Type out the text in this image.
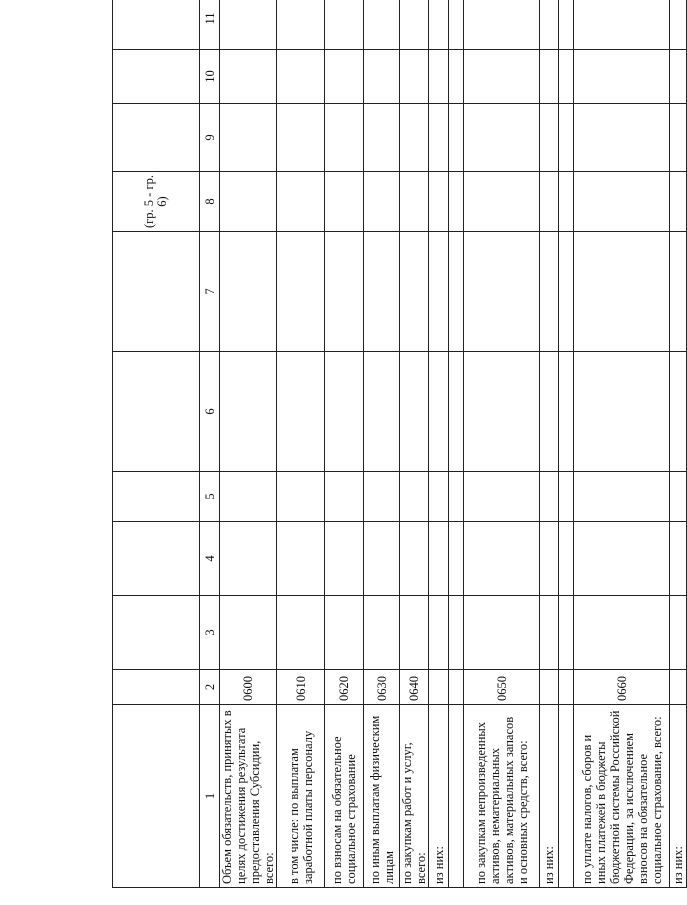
							(гр. 5 - гр. 6)			

1	2	3	4	5	6	7	8	9	10	11
Объем обязательств, принятых в целях достижения результата предоставления Субсидии, всего:	0600									
в том числе: по выплатам заработной платы персоналу	0610									
по взносам на обязательное социальное страхование	0620									
по иным выплатам физическим лицам	0630									
по закупкам работ и услуг, всего:	0640									
из них:										

по закупкам непроизведенных активов, нематериальных активов, материальных запасов и основных средств, всего:	0650									
из них:										

по уплате налогов, сборов и иных платежей в бюджеты бюджетной системы Российской Федерации, за исключением взносов на обязательное социальное страхование, всего:	0660									
из них:										
